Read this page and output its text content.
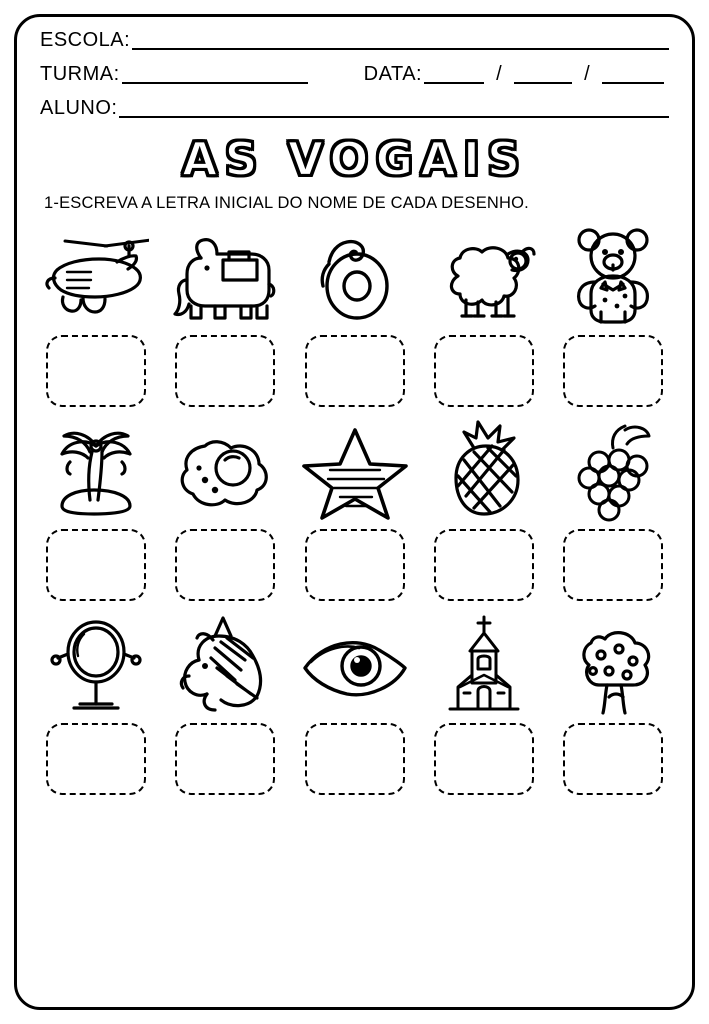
ESCOLA:
TURMA:	DATA:	/	/
ALUNO:
AS VOGAIS
1-ESCREVA A LETRA INICIAL DO NOME DE CADA DESENHO.
